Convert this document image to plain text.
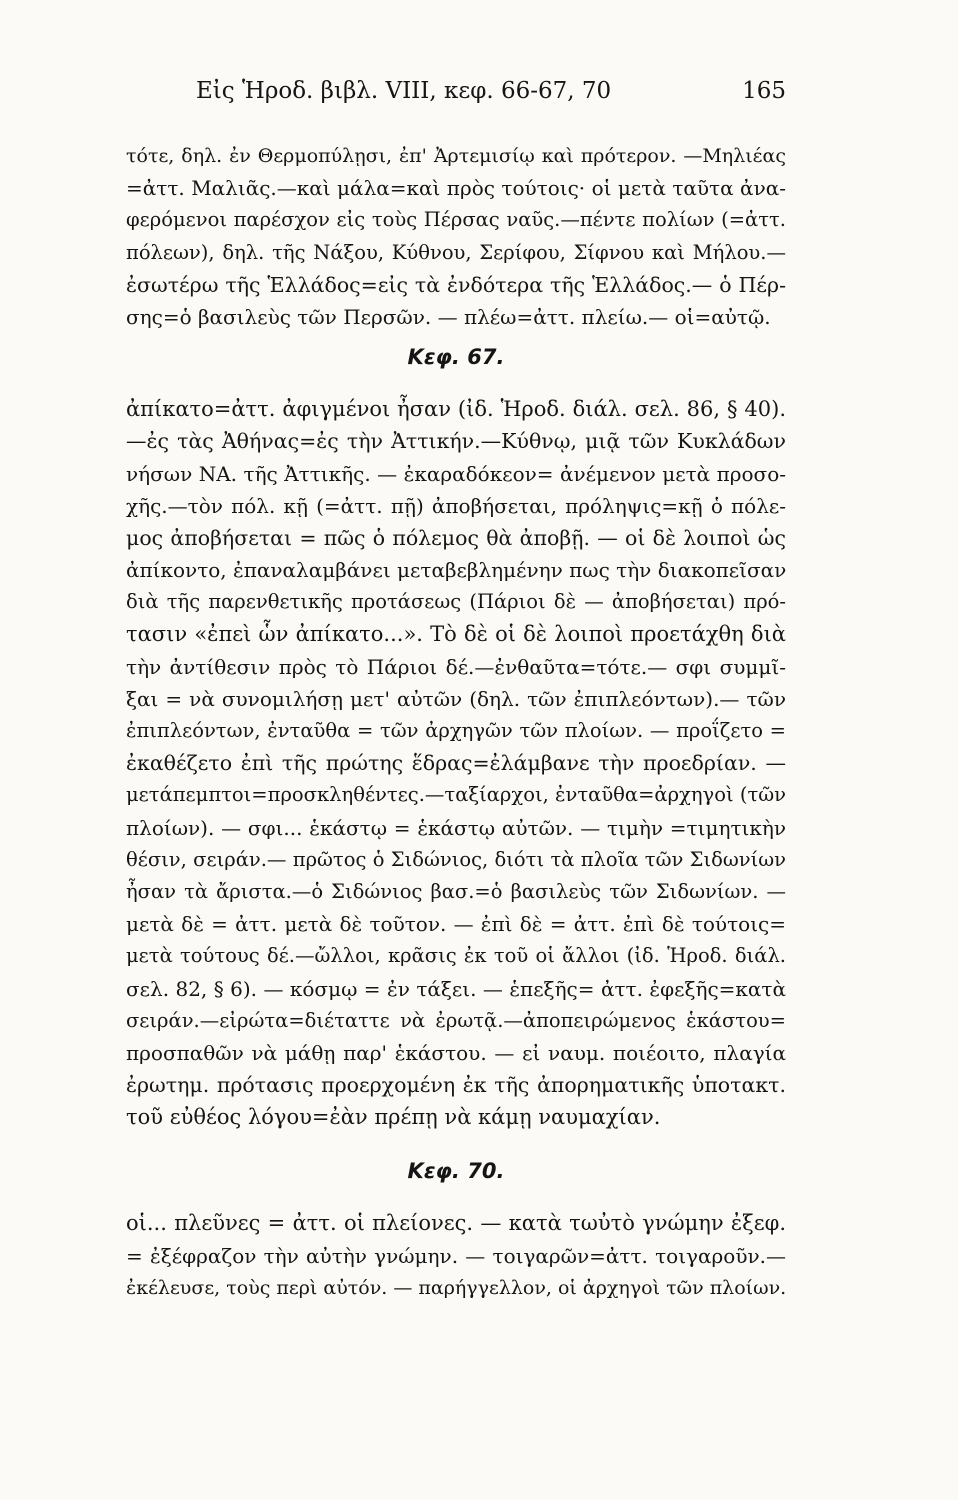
Εἰς Ἡροδ. βιβλ. VIII, κεφ. 66-67, 70	165
τότε, δηλ. ἐν Θερμοπύλῃσι, ἐπ' Ἀρτεμισίῳ καὶ πρότερον. —Μηλιέας
=ἀττ. Μαλιᾶς.—καὶ μάλα=καὶ πρὸς τούτοις· οἱ μετὰ ταῦτα ἀνα-
φερόμενοι παρέσχον εἰς τοὺς Πέρσας ναῦς.—πέντε πολίων (=ἀττ.
πόλεων), δηλ. τῆς Νάξου, Κύθνου, Σερίφου, Σίφνου καὶ Μήλου.—
ἐσωτέρω τῆς Ἑλλάδος=εἰς τὰ ἐνδότερα τῆς Ἑλλάδος.— ὁ Πέρ-
σης=ὁ βασιλεὺς τῶν Περσῶν. — πλέω=ἀττ. πλείω.— οἱ=αὐτῷ.
Κεφ. 67.
ἀπίκατο=ἀττ. ἀφιγμένοι ἦσαν (ἰδ. Ἡροδ. διάλ. σελ. 86, § 40).
—ἐς τὰς Ἀθήνας=ἐς τὴν Ἀττικήν.—Κύθνῳ, μιᾷ τῶν Κυκλάδων
νήσων ΝΑ. τῆς Ἀττικῆς. — ἐκαραδόκεον= ἀνέμενον μετὰ προσο-
χῆς.—τὸν πόλ. κῇ (=ἀττ. πῇ) ἀποβήσεται, πρόληψις=κῇ ὁ πόλε-
μος ἀποβήσεται = πῶς ὁ πόλεμος θὰ ἀποβῇ. — οἱ δὲ λοιποὶ ὡς
ἀπίκοντο, ἐπαναλαμβάνει μεταβεβλημένην πως τὴν διακοπεῖσαν
διὰ τῆς παρενθετικῆς προτάσεως (Πάριοι δὲ — ἀποβήσεται) πρό-
τασιν «ἐπεὶ ὧν ἀπίκατο...». Τὸ δὲ οἱ δὲ λοιποὶ προετάχθη διὰ
τὴν ἀντίθεσιν πρὸς τὸ Πάριοι δέ.—ἐνθαῦτα=τότε.— σφι συμμῖ-
ξαι = νὰ συνομιλήσῃ μετ' αὐτῶν (δηλ. τῶν ἐπιπλεόντων).— τῶν
ἐπιπλεόντων, ἐνταῦθα = τῶν ἀρχηγῶν τῶν πλοίων. — προΐζετο =
ἐκαθέζετο ἐπὶ τῆς πρώτης ἕδρας=ἐλάμβανε τὴν προεδρίαν. —
μετάπεμπτοι=προσκληθέντες.—ταξίαρχοι, ἐνταῦθα=ἀρχηγοὶ (τῶν
πλοίων). — σφι... ἑκάστῳ = ἑκάστῳ αὐτῶν. — τιμὴν =τιμητικὴν
θέσιν, σειράν.— πρῶτος ὁ Σιδώνιος, διότι τὰ πλοῖα τῶν Σιδωνίων
ἦσαν τὰ ἄριστα.—ὁ Σιδώνιος βασ.=ὁ βασιλεὺς τῶν Σιδωνίων. —
μετὰ δὲ = ἀττ. μετὰ δὲ τοῦτον. — ἐπὶ δὲ = ἀττ. ἐπὶ δὲ τούτοις=
μετὰ τούτους δέ.—ὤλλοι, κρᾶσις ἐκ τοῦ οἱ ἄλλοι (ἰδ. Ἡροδ. διάλ.
σελ. 82, § 6). — κόσμῳ = ἐν τάξει. — ἑπεξῆς= ἀττ. ἐφεξῆς=κατὰ
σειράν.—εἰρώτα=διέταττε νὰ ἐρωτᾷ.—ἀποπειρώμενος ἑκάστου=
προσπαθῶν νὰ μάθῃ παρ' ἑκάστου. — εἰ ναυμ. ποιέοιτο, πλαγία
ἐρωτημ. πρότασις προερχομένη ἐκ τῆς ἀπορηματικῆς ὑποτακτ.
τοῦ εὐθέος λόγου=ἐὰν πρέπῃ νὰ κάμῃ ναυμαχίαν.
Κεφ. 70.
οἱ... πλεῦνες = ἀττ. οἱ πλείονες. — κατὰ τωὐτὸ γνώμην ἐξεφ.
= ἐξέφραζον τὴν αὐτὴν γνώμην. — τοιγαρῶν=ἀττ. τοιγαροῦν.—
ἐκέλευσε, τοὺς περὶ αὐτόν. — παρήγγελλον, οἱ ἀρχηγοὶ τῶν πλοίων.
